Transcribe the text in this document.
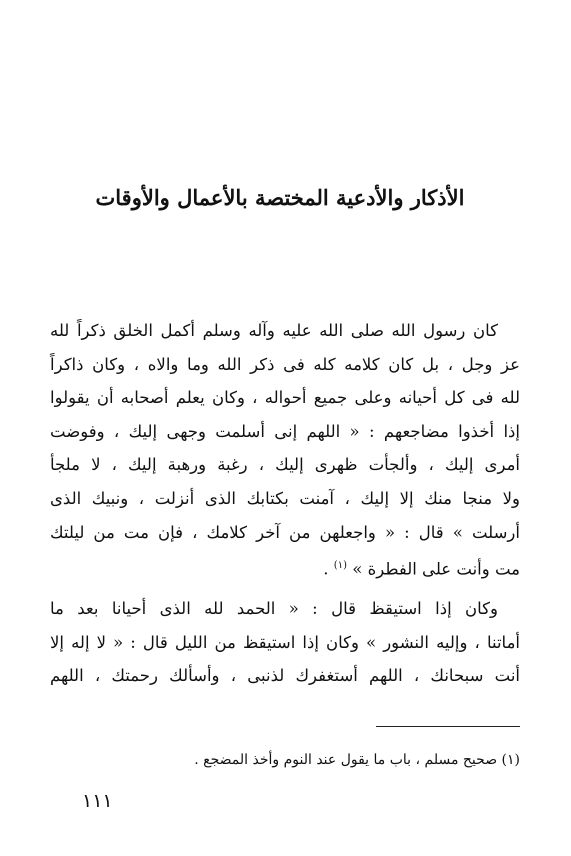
الأذكار والأدعية المختصة بالأعمال والأوقات
كان رسول الله صلى الله عليه وآله وسلم أكمل الخلق ذكراً لله
عز وجل ، بل كان كلامه كله فى ذكر الله وما والاه ، وكان ذاكراً
لله فى كل أحيانه وعلى جميع أحواله ، وكان يعلم أصحابه أن يقولوا
إذا أخذوا مضاجعهم : « اللهم إنى أسلمت وجهى إليك ، وفوضت
أمرى إليك ، وألجأت ظهرى إليك ، رغبة ورهبة إليك ، لا ملجأ
ولا منجا منك إلا إليك ، آمنت بكتابك الذى أنزلت ، ونبيك الذى
أرسلت » قال : « واجعلهن من آخر كلامك ، فإن مت من ليلتك
مت وأنت على الفطرة » $^{(١)}$ .
وكان إذا استيقظ قال : « الحمد لله الذى أحيانا بعد ما
أماتنا ، وإليه النشور » وكان إذا استيقظ من الليل قال : « لا إله إلا
أنت سبحانك ، اللهم أستغفرك لذنبى ، وأسألك رحمتك ، اللهم
(١) صحيح مسلم ، باب ما يقول عند النوم وأخذ المضجع .
١١١
